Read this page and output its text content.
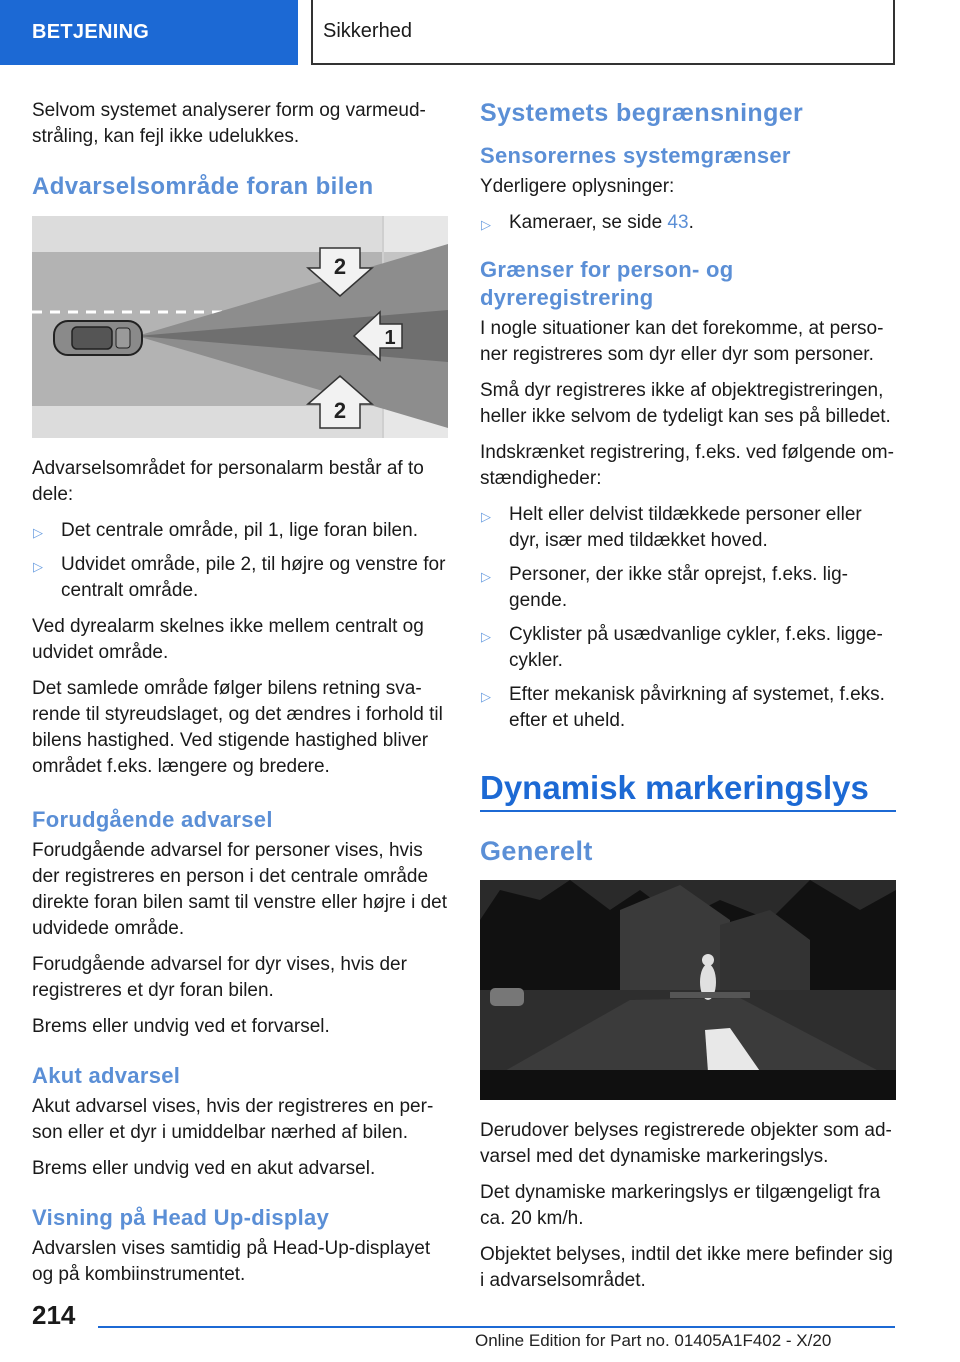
BETJENING	Sikkerhed

Selvom systemet analyserer form og varmeudstråling, kan fejl ikke udelukkes.

Advarselsområde foran bilen
2
1
2

Advarselsområdet for personalarm består af to dele:

▷ Det centrale område, pil 1, lige foran bilen.
▷ Udvidet område, pile 2, til højre og venstre for centralt område.

Ved dyrealarm skelnes ikke mellem centralt og udvidet område.

Det samlede område følger bilens retning svarende til styreudslaget, og det ændres i forhold til bilens hastighed. Ved stigende hastighed bliver området f.eks. længere og bredere.

Forudgående advarsel

Forudgående advarsel for personer vises, hvis der registreres en person i det centrale område direkte foran bilen samt til venstre eller højre i det udvidede område.

Forudgående advarsel for dyr vises, hvis der registreres et dyr foran bilen.

Brems eller undvig ved et forvarsel.

Akut advarsel

Akut advarsel vises, hvis der registreres en person eller et dyr i umiddelbar nærhed af bilen.

Brems eller undvig ved en akut advarsel.

Visning på Head Up-display

Advarslen vises samtidig på Head-Up-displayet og på kombiinstrumentet.

Systemets begrænsninger
Sensorernes systemgrænser

Yderligere oplysninger:

▷ Kameraer, se side 43.
Grænser for person- og dyreregistrering

I nogle situationer kan det forekomme, at personer registreres som dyr eller dyr som personer.

Små dyr registreres ikke af objektregistreringen, heller ikke selvom de tydeligt kan ses på billedet.

Indskrænket registrering, f.eks. ved følgende omstændigheder:

▷ Helt eller delvist tildækkede personer eller dyr, især med tildækket hoved.
▷ Personer, der ikke står oprejst, f.eks. liggende.
▷ Cyklister på usædvanlige cykler, f.eks. liggecykler.
▷ Efter mekanisk påvirkning af systemet, f.eks. efter et uheld.
Dynamisk markeringslys
Generelt

Derudover belyses registrerede objekter som advarsel med det dynamiske markeringslys.

Det dynamiske markeringslys er tilgængeligt fra ca. 20 km/h.

Objektet belyses, indtil det ikke mere befinder sig i advarselsområdet.

214
Online Edition for Part no. 01405A1F402 - X/20
